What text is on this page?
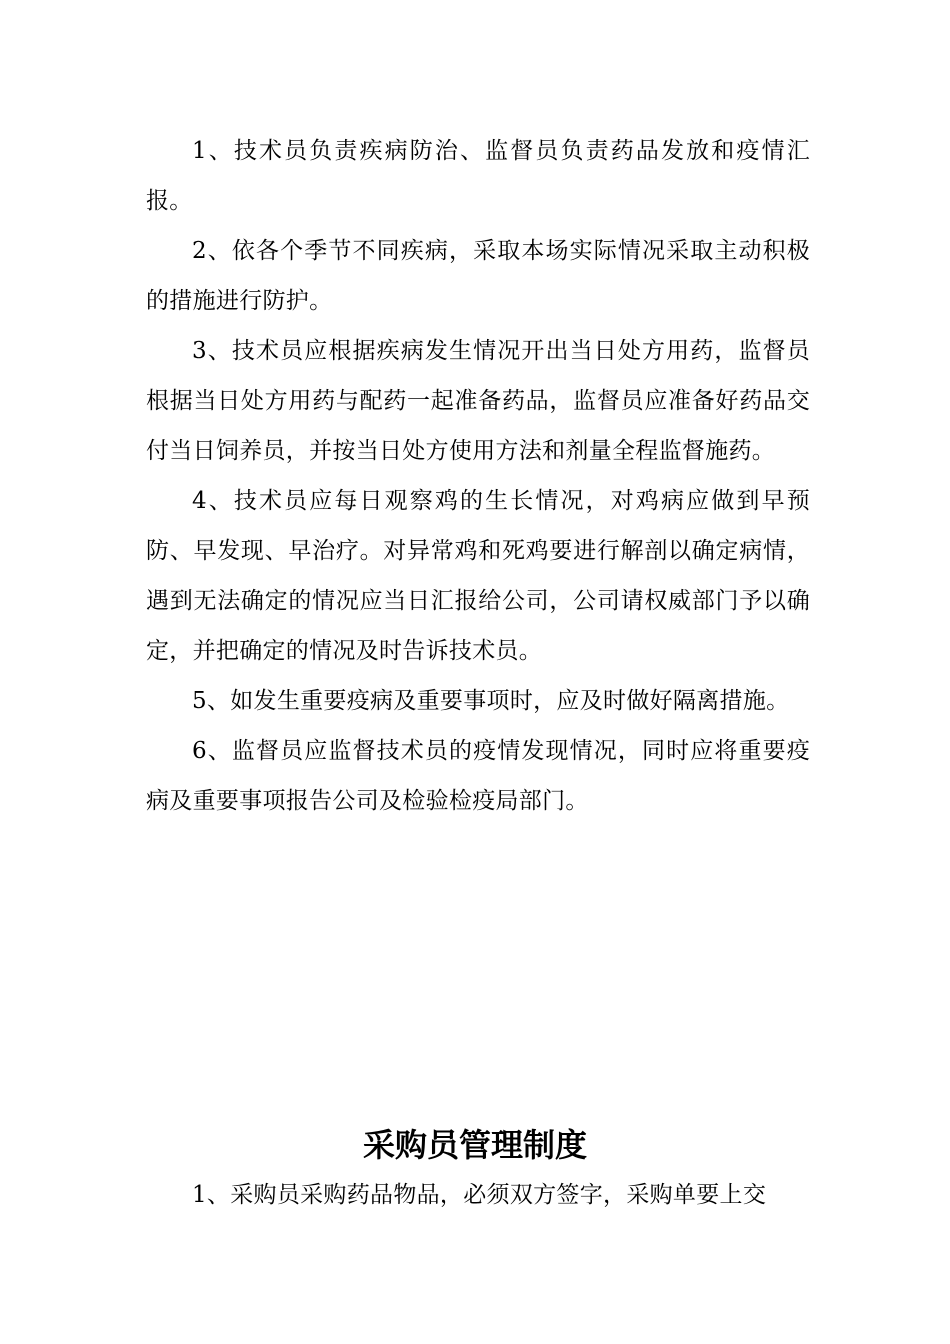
1、技术员负责疾病防治、监督员负责药品发放和疫情汇报。

2、依各个季节不同疾病，采取本场实际情况采取主动积极的措施进行防护。

3、技术员应根据疾病发生情况开出当日处方用药，监督员根据当日处方用药与配药一起准备药品，监督员应准备好药品交付当日饲养员，并按当日处方使用方法和剂量全程监督施药。

4、技术员应每日观察鸡的生长情况，对鸡病应做到早预防、早发现、早治疗。对异常鸡和死鸡要进行解剖以确定病情，遇到无法确定的情况应当日汇报给公司，公司请权威部门予以确定，并把确定的情况及时告诉技术员。

5、如发生重要疫病及重要事项时，应及时做好隔离措施。

6、监督员应监督技术员的疫情发现情况，同时应将重要疫病及重要事项报告公司及检验检疫局部门。

采购员管理制度

1、采购员采购药品物品，必须双方签字，采购单要上交
